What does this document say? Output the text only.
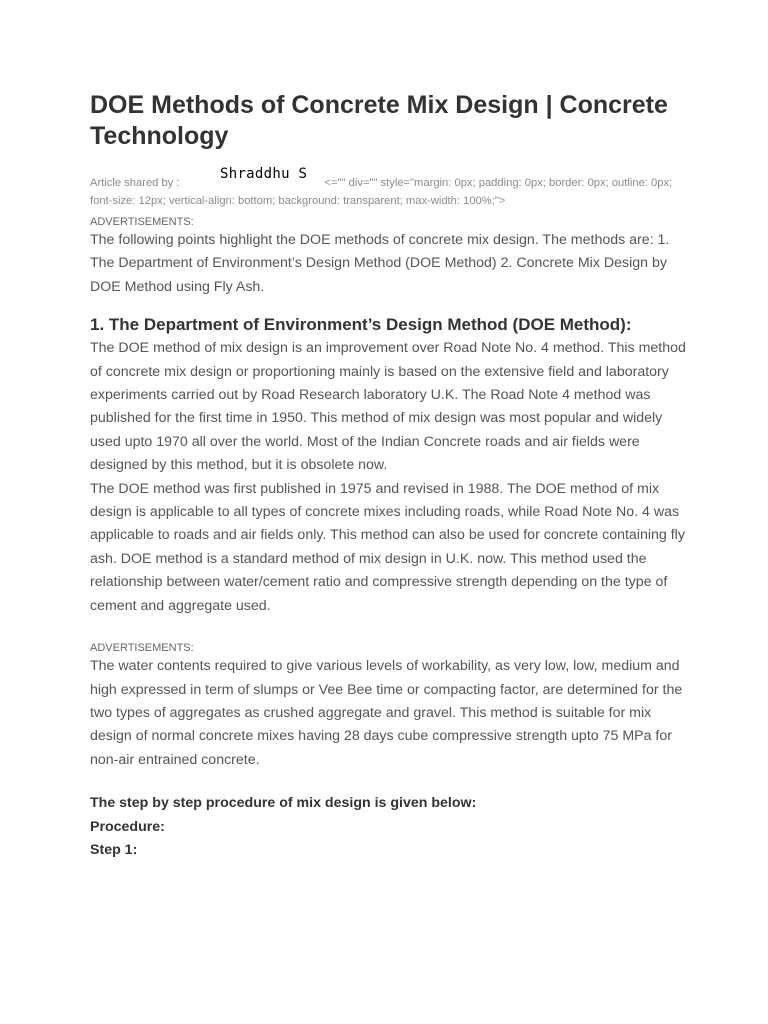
DOE Methods of Concrete Mix Design | Concrete Technology
Shraddhu S
Article shared by :	<="" div="" style="margin: 0px; padding: 0px; border: 0px; outline: 0px; font-size: 12px; vertical-align: bottom; background: transparent; max-width: 100%;">
ADVERTISEMENTS:

The following points highlight the DOE methods of concrete mix design. The methods are: 1. The Department of Environment’s Design Method (DOE Method) 2. Concrete Mix Design by DOE Method using Fly Ash.

1. The Department of Environment’s Design Method (DOE Method):

The DOE method of mix design is an improvement over Road Note No. 4 method. This method of concrete mix design or proportioning mainly is based on the extensive field and laboratory experiments carried out by Road Research laboratory U.K. The Road Note 4 method was published for the first time in 1950. This method of mix design was most popular and widely used upto 1970 all over the world. Most of the Indian Concrete roads and air fields were designed by this method, but it is obsolete now.

The DOE method was first published in 1975 and revised in 1988. The DOE method of mix design is applicable to all types of concrete mixes including roads, while Road Note No. 4 was applicable to roads and air fields only. This method can also be used for concrete containing fly ash. DOE method is a standard method of mix design in U.K. now. This method used the relationship between water/cement ratio and compressive strength depending on the type of cement and aggregate used.

ADVERTISEMENTS:

The water contents required to give various levels of workability, as very low, low, medium and high expressed in term of slumps or Vee Bee time or compacting factor, are determined for the two types of aggregates as crushed aggregate and gravel. This method is suitable for mix design of normal concrete mixes having 28 days cube compressive strength upto 75 MPa for non-air entrained concrete.

The step by step procedure of mix design is given below:
Procedure:
Step 1:
